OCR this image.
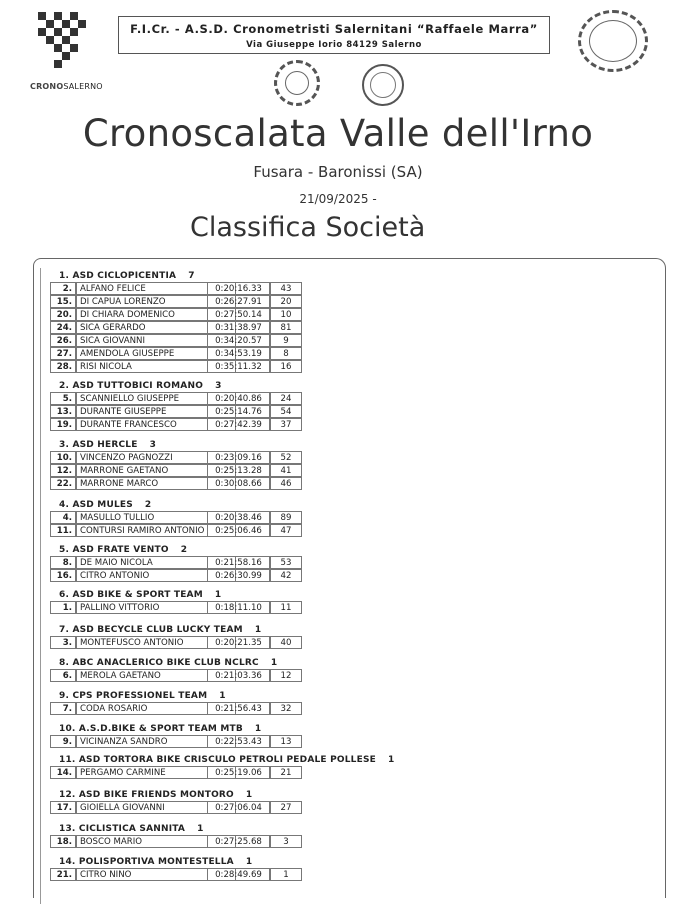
CRONOSALERNO
F.I.Cr. - A.S.D. Cronometristi Salernitani “Raffaele Marra”
Via Giuseppe Iorio 84129 Salerno
Cronoscalata Valle dell'Irno
Fusara - Baronissi (SA)
21/09/2025 -
Classifica Società
1. ASD CICLOPICENTIA 7
2. ALFANO FELICE	0:20:16.33	43
15. DI CAPUA LORENZO	0:26:27.91	20
20. DI CHIARA DOMENICO	0:27:50.14	10
24. SICA GERARDO	0:31:38.97	81
26. SICA GIOVANNI	0:34:20.57	9
27. AMENDOLA GIUSEPPE	0:34:53.19	8
28. RISI NICOLA	0:35:11.32	16
2. ASD TUTTOBICI ROMANO 3
5. SCANNIELLO GIUSEPPE	0:20:40.86	24
13. DURANTE GIUSEPPE	0:25:14.76	54
19. DURANTE FRANCESCO	0:27:42.39	37
3. ASD HERCLE 3
10. VINCENZO PAGNOZZI	0:23:09.16	52
12. MARRONE GAETANO	0:25:13.28	41
22. MARRONE MARCO	0:30:08.66	46
4. ASD MULES 2
4. MASULLO TULLIO	0:20:38.46	89
11. CONTURSI RAMIRO ANTONIO	0:25:06.46	47
5. ASD FRATE VENTO 2
8. DE MAIO NICOLA	0:21:58.16	53
16. CITRO ANTONIO	0:26:30.99	42
6. ASD BIKE & SPORT TEAM 1
1. PALLINO VITTORIO	0:18:11.10	11
7. ASD BECYCLE CLUB LUCKY TEAM 1
3. MONTEFUSCO ANTONIO	0:20:21.35	40
8. ABC ANACLERICO BIKE CLUB NCLRC 1
6. MEROLA GAETANO	0:21:03.36	12
9. CPS PROFESSIONEL TEAM 1
7. CODA ROSARIO	0:21:56.43	32
10. A.S.D.BIKE & SPORT TEAM MTB 1
9. VICINANZA SANDRO	0:22:53.43	13
11. ASD TORTORA BIKE CRISCULO PETROLI PEDALE POLLESE 1
14. PERGAMO CARMINE	0:25:19.06	21
12. ASD BIKE FRIENDS MONTORO 1
17. GIOIELLA GIOVANNI	0:27:06.04	27
13. CICLISTICA SANNITA 1
18. BOSCO MARIO	0:27:25.68	3
14. POLISPORTIVA MONTESTELLA 1
21. CITRO NINO	0:28:49.69	1
